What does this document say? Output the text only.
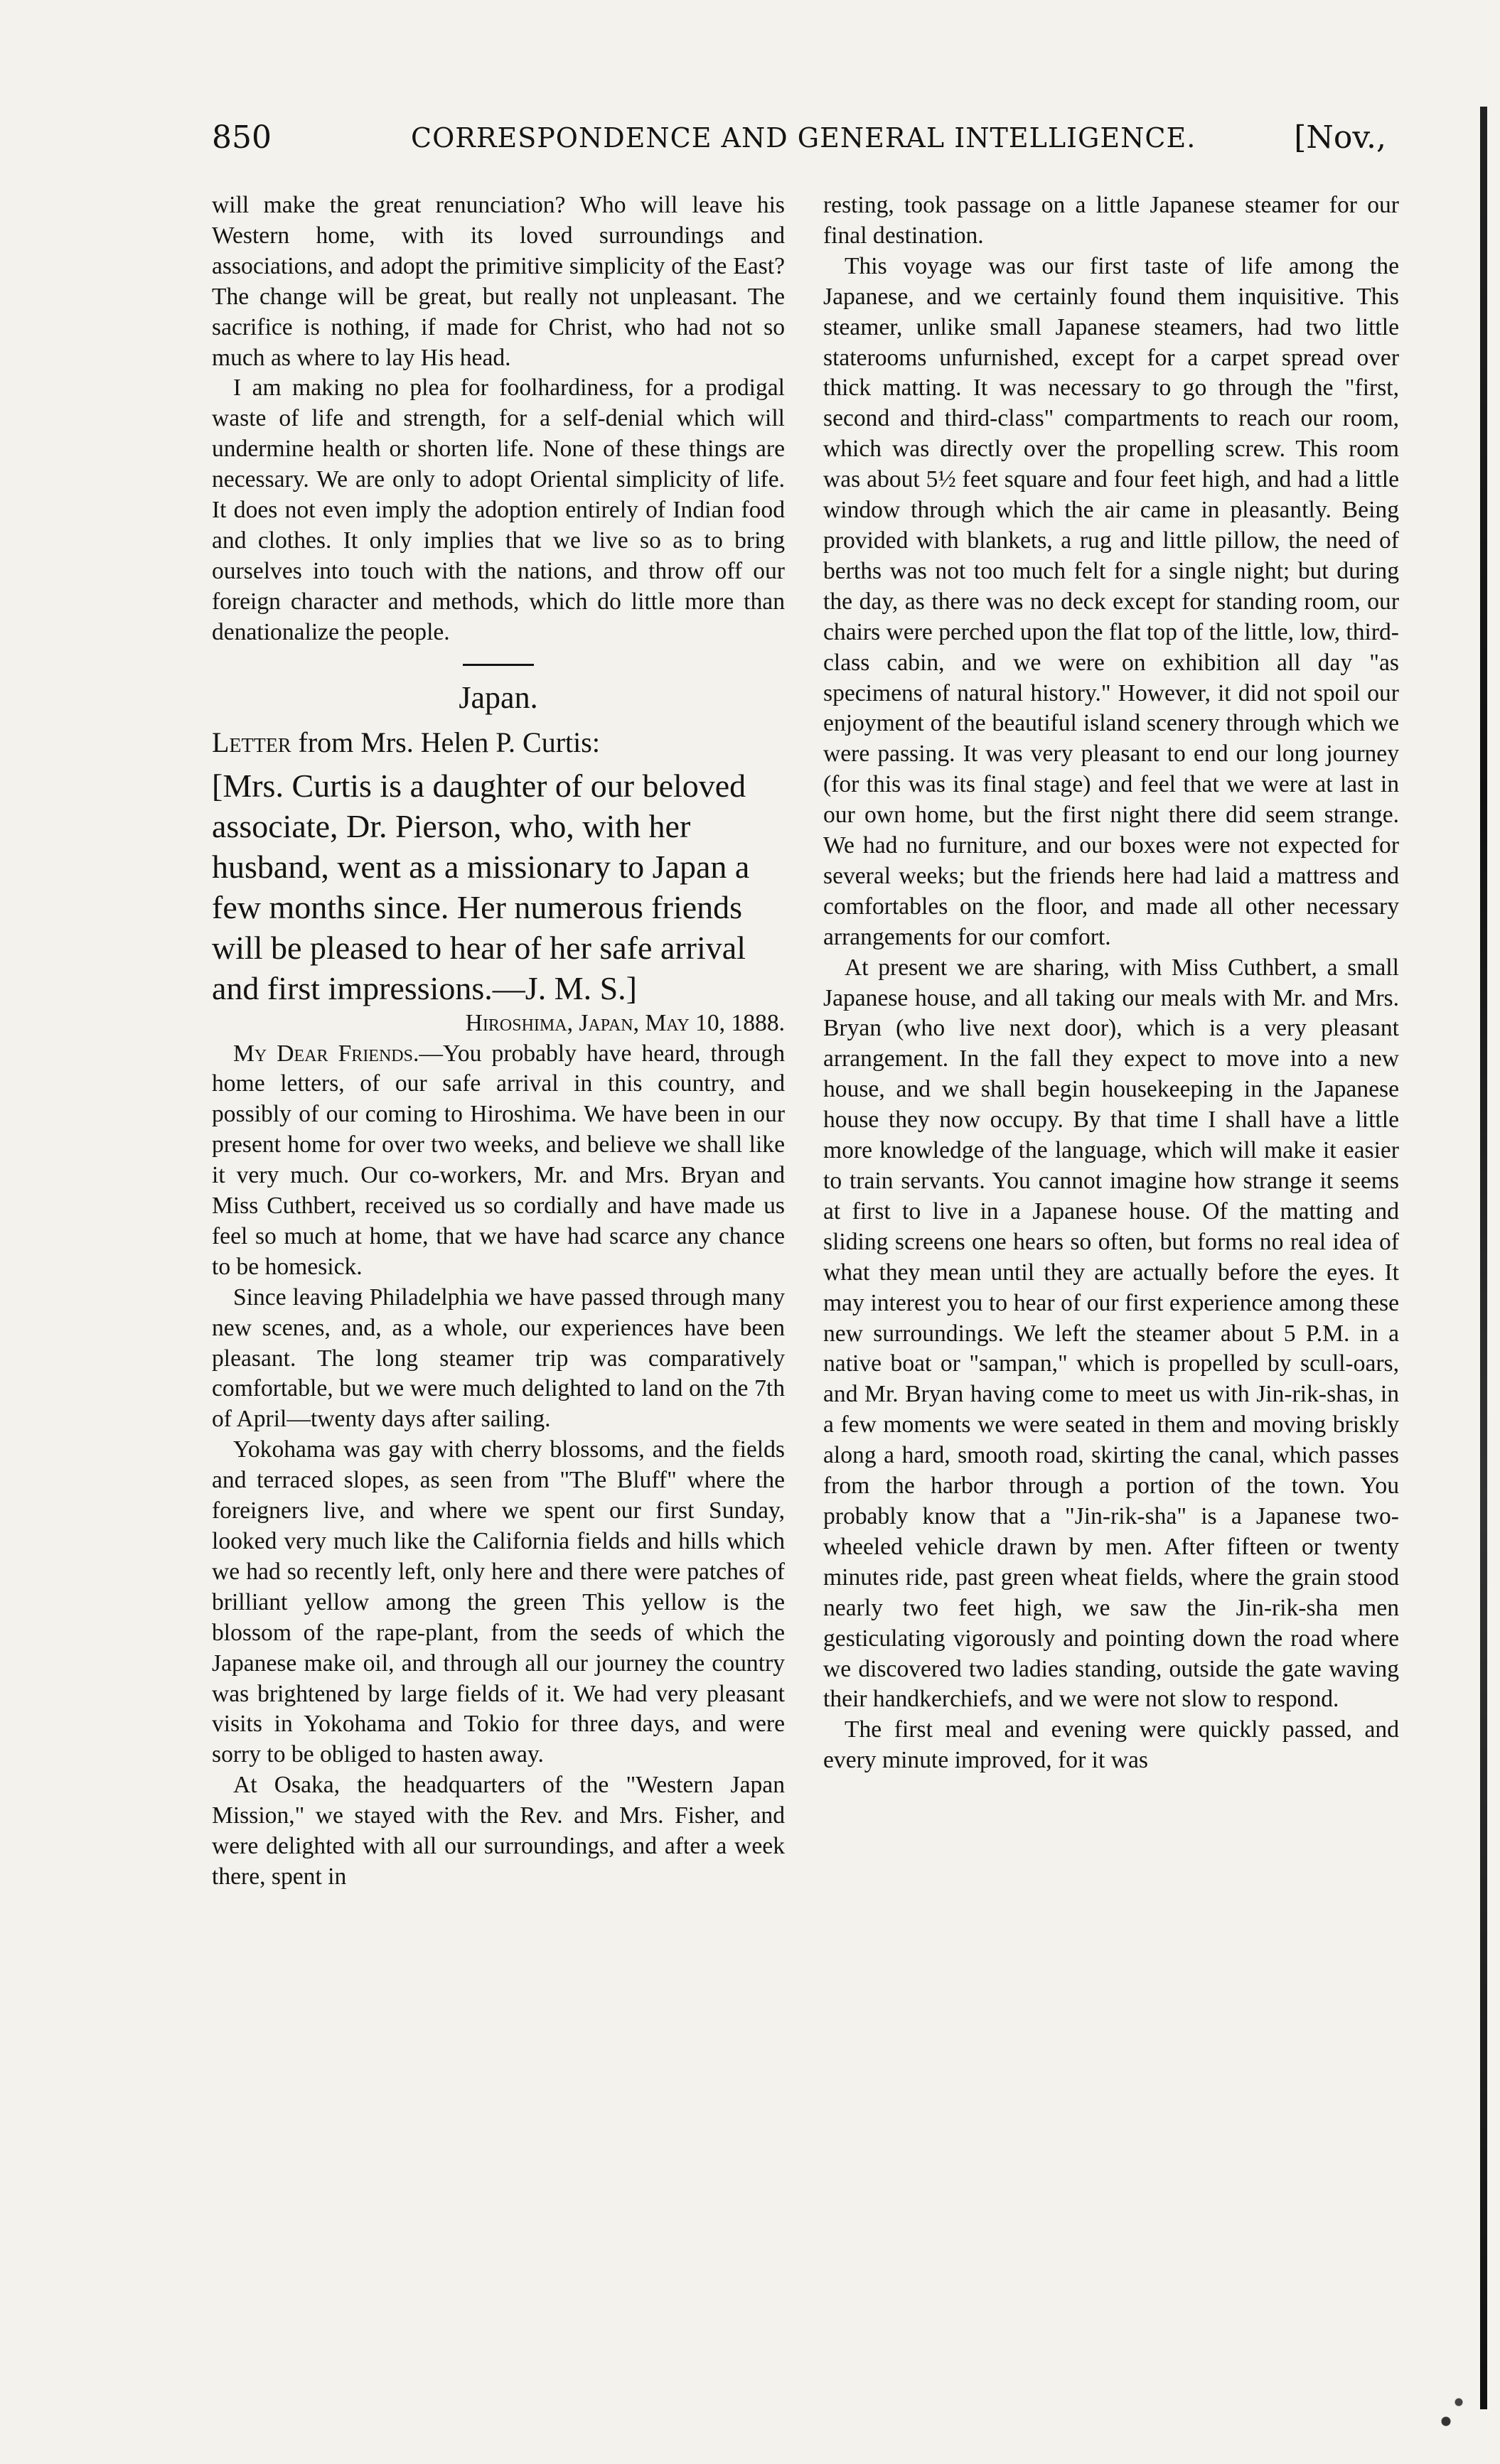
850	CORRESPONDENCE AND GENERAL INTELLIGENCE.	[Nov.,

will make the great renunciation? Who will leave his Western home, with its loved surroundings and associations, and adopt the primitive simplicity of the East? The change will be great, but really not unpleasant. The sacrifice is nothing, if made for Christ, who had not so much as where to lay His head.

I am making no plea for foolhardiness, for a prodigal waste of life and strength, for a self-denial which will undermine health or shorten life. None of these things are necessary. We are only to adopt Oriental simplicity of life. It does not even imply the adoption entirely of Indian food and clothes. It only implies that we live so as to bring ourselves into touch with the nations, and throw off our foreign character and methods, which do little more than denationalize the people.

Japan.
Letter from Mrs. Helen P. Curtis:

[Mrs. Curtis is a daughter of our beloved associate, Dr. Pierson, who, with her husband, went as a missionary to Japan a few months since. Her numerous friends will be pleased to hear of her safe arrival and first impressions.—J. M. S.]

Hiroshima, Japan, May 10, 1888.

My Dear Friends.—You probably have heard, through home letters, of our safe arrival in this country, and possibly of our coming to Hiroshima. We have been in our present home for over two weeks, and believe we shall like it very much. Our co-workers, Mr. and Mrs. Bryan and Miss Cuthbert, received us so cordially and have made us feel so much at home, that we have had scarce any chance to be homesick.

Since leaving Philadelphia we have passed through many new scenes, and, as a whole, our experiences have been pleasant. The long steamer trip was comparatively comfortable, but we were much delighted to land on the 7th of April—twenty days after sailing.

Yokohama was gay with cherry blossoms, and the fields and terraced slopes, as seen from "The Bluff" where the foreigners live, and where we spent our first Sunday, looked very much like the California fields and hills which we had so recently left, only here and there were patches of brilliant yellow among the green This yellow is the blossom of the rape-plant, from the seeds of which the Japanese make oil, and through all our journey the country was brightened by large fields of it. We had very pleasant visits in Yokohama and Tokio for three days, and were sorry to be obliged to hasten away.

At Osaka, the headquarters of the "Western Japan Mission," we stayed with the Rev. and Mrs. Fisher, and were delighted with all our surroundings, and after a week there, spent in

resting, took passage on a little Japanese steamer for our final destination.

This voyage was our first taste of life among the Japanese, and we certainly found them inquisitive. This steamer, unlike small Japanese steamers, had two little staterooms unfurnished, except for a carpet spread over thick matting. It was necessary to go through the "first, second and third-class" compartments to reach our room, which was directly over the propelling screw. This room was about 5½ feet square and four feet high, and had a little window through which the air came in pleasantly. Being provided with blankets, a rug and little pillow, the need of berths was not too much felt for a single night; but during the day, as there was no deck except for standing room, our chairs were perched upon the flat top of the little, low, third-class cabin, and we were on exhibition all day "as specimens of natural history." However, it did not spoil our enjoyment of the beautiful island scenery through which we were passing. It was very pleasant to end our long journey (for this was its final stage) and feel that we were at last in our own home, but the first night there did seem strange. We had no furniture, and our boxes were not expected for several weeks; but the friends here had laid a mattress and comfortables on the floor, and made all other necessary arrangements for our comfort.

At present we are sharing, with Miss Cuthbert, a small Japanese house, and all taking our meals with Mr. and Mrs. Bryan (who live next door), which is a very pleasant arrangement. In the fall they expect to move into a new house, and we shall begin housekeeping in the Japanese house they now occupy. By that time I shall have a little more knowledge of the language, which will make it easier to train servants. You cannot imagine how strange it seems at first to live in a Japanese house. Of the matting and sliding screens one hears so often, but forms no real idea of what they mean until they are actually before the eyes. It may interest you to hear of our first experience among these new surroundings. We left the steamer about 5 P.M. in a native boat or "sampan," which is propelled by scull-oars, and Mr. Bryan having come to meet us with Jin-rik-shas, in a few moments we were seated in them and moving briskly along a hard, smooth road, skirting the canal, which passes from the harbor through a portion of the town. You probably know that a "Jin-rik-sha" is a Japanese two-wheeled vehicle drawn by men. After fifteen or twenty minutes ride, past green wheat fields, where the grain stood nearly two feet high, we saw the Jin-rik-sha men gesticulating vigorously and pointing down the road where we discovered two ladies standing, outside the gate waving their handkerchiefs, and we were not slow to respond.

The first meal and evening were quickly passed, and every minute improved, for it was
